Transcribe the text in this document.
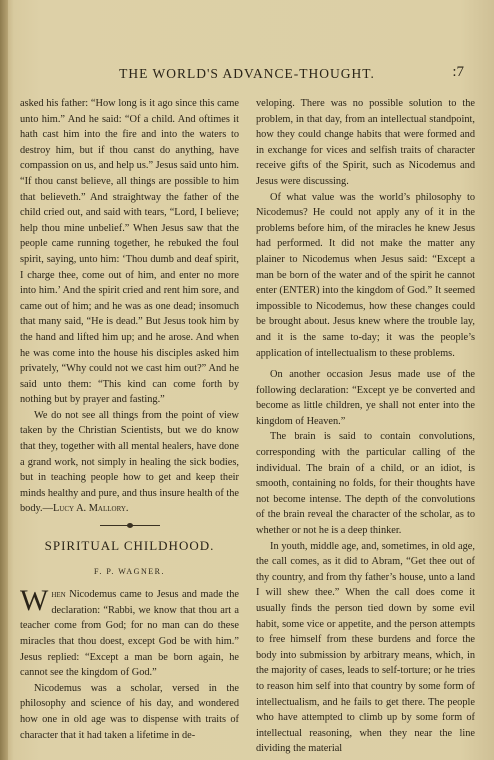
THE WORLD'S ADVANCE-THOUGHT.	:7

asked his father: “How long is it ago since this came unto him.” And he said: “Of a child. And oftimes it hath cast him into the fire and into the waters to destroy him, but if thou canst do anything, have compassion on us, and help us.” Jesus said unto him. “If thou canst believe, all things are possible to him that believeth.” And straightway the father of the child cried out, and said with tears, “Lord, I believe; help thou mine unbelief.” When Jesus saw that the people came running together, he rebuked the foul spirit, saying, unto him: ‘Thou dumb and deaf spirit, I charge thee, come out of him, and enter no more into him.’ And the spirit cried and rent him sore, and came out of him; and he was as one dead; insomuch that many said, “He is dead.” But Jesus took him by the hand and lifted him up; and he arose. And when he was come into the house his disciples asked him privately, “Why could not we cast him out?” And he said unto them: “This kind can come forth by nothing but by prayer and fasting.”

We do not see all things from the point of view taken by the Christian Scientists, but we do know that they, together with all mental healers, have done a grand work, not simply in healing the sick bodies, but in teaching people how to get and keep their minds healthy and pure, and thus insure health of the body.—Lucy A. Mallory.

SPIRITUAL CHILDHOOD.
F. P. WAGNER.

When Nicodemus came to Jesus and made the declaration: “Rabbi, we know that thou art a teacher come from God; for no man can do these miracles that thou doest, except God be with him.” Jesus replied: “Except a man be born again, he cannot see the kingdom of God.”

Nicodemus was a scholar, versed in the philosophy and science of his day, and wondered how one in old age was to dispense with traits of character that it had taken a lifetime in de-

veloping. There was no possible solution to the problem, in that day, from an intellectual standpoint, how they could change habits that were formed and in exchange for vices and selfish traits of character receive gifts of the Spirit, such as Nicodemus and Jesus were discussing.

Of what value was the world’s philosophy to Nicodemus? He could not apply any of it in the problems before him, of the miracles he knew Jesus had performed. It did not make the matter any plainer to Nicodemus when Jesus said: “Except a man be born of the water and of the spirit he cannot enter (ENTER) into the kingdom of God.” It seemed impossible to Nicodemus, how these changes could be brought about. Jesus knew where the trouble lay, and it is the same to-day; it was the people’s application of intellectualism to these problems.

On another occasion Jesus made use of the following declaration: “Except ye be converted and become as little children, ye shall not enter into the kingdom of Heaven.”

The brain is said to contain convolutions, corresponding with the particular calling of the individual. The brain of a child, or an idiot, is smooth, containing no folds, for their thoughts have not become intense. The depth of the convolutions of the brain reveal the character of the scholar, as to whether or not he is a deep thinker.

In youth, middle age, and, sometimes, in old age, the call comes, as it did to Abram, “Get thee out of thy country, and from thy father’s house, unto a land I will shew thee.” When the call does come it usually finds the person tied down by some evil habit, some vice or appetite, and the person attempts to free himself from these burdens and force the body into submission by arbitrary means, which, in the majority of cases, leads to self-torture; or he tries to reason him self into that country by some form of intellectualism, and he fails to get there. The people who have attempted to climb up by some form of intellectual reasoning, when they near the line dividing the material
